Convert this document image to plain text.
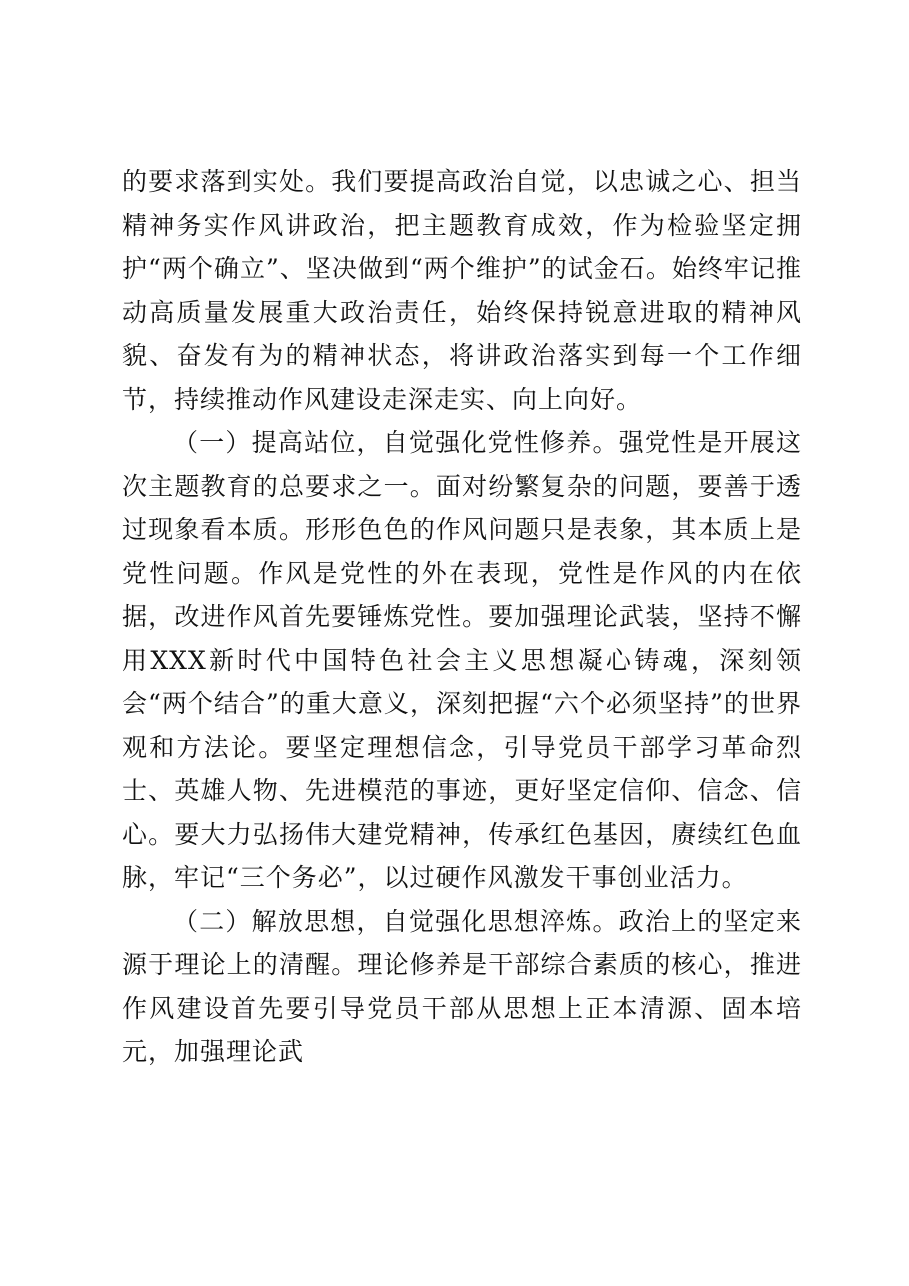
的要求落到实处。我们要提高政治自觉，以忠诚之心、担当精神务实作风讲政治，把主题教育成效，作为检验坚定拥护“两个确立”、坚决做到“两个维护”的试金石。始终牢记推动高质量发展重大政治责任，始终保持锐意进取的精神风貌、奋发有为的精神状态，将讲政治落实到每一个工作细节，持续推动作风建设走深走实、向上向好。

（一）提高站位，自觉强化党性修养。强党性是开展这次主题教育的总要求之一。面对纷繁复杂的问题，要善于透过现象看本质。形形色色的作风问题只是表象，其本质上是党性问题。作风是党性的外在表现，党性是作风的内在依据，改进作风首先要锤炼党性。要加强理论武装，坚持不懈用XXX新时代中国特色社会主义思想凝心铸魂，深刻领会“两个结合”的重大意义，深刻把握“六个必须坚持”的世界观和方法论。要坚定理想信念，引导党员干部学习革命烈士、英雄人物、先进模范的事迹，更好坚定信仰、信念、信心。要大力弘扬伟大建党精神，传承红色基因，赓续红色血脉，牢记“三个务必”，以过硬作风激发干事创业活力。

（二）解放思想，自觉强化思想淬炼。政治上的坚定来源于理论上的清醒。理论修养是干部综合素质的核心，推进作风建设首先要引导党员干部从思想上正本清源、固本培元，加强理论武
